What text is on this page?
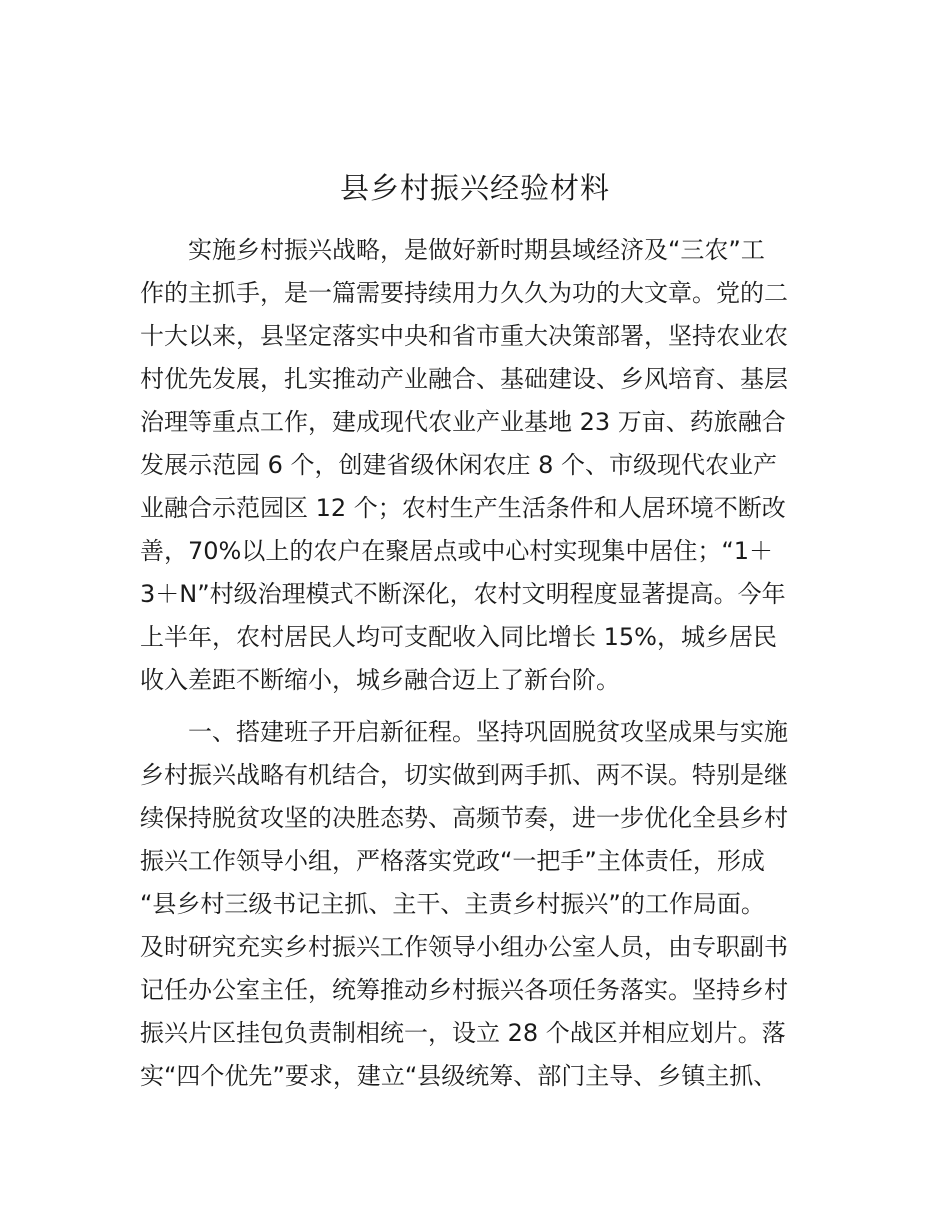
县乡村振兴经验材料

实施乡村振兴战略，是做好新时期县域经济及“三农”工

作的主抓手，是一篇需要持续用力久久为功的大文章。党的二

十大以来，县坚定落实中央和省市重大决策部署，坚持农业农

村优先发展，扎实推动产业融合、基础建设、乡风培育、基层

治理等重点工作，建成现代农业产业基地 23 万亩、药旅融合

发展示范园 6 个，创建省级休闲农庄 8 个、市级现代农业产

业融合示范园区 12 个；农村生产生活条件和人居环境不断改

善，70%以上的农户在聚居点或中心村实现集中居住；“1＋

3＋N”村级治理模式不断深化，农村文明程度显著提高。今年

上半年，农村居民人均可支配收入同比增长 15%，城乡居民

收入差距不断缩小，城乡融合迈上了新台阶。

一、搭建班子开启新征程。坚持巩固脱贫攻坚成果与实施

乡村振兴战略有机结合，切实做到两手抓、两不误。特别是继

续保持脱贫攻坚的决胜态势、高频节奏，进一步优化全县乡村

振兴工作领导小组，严格落实党政“一把手”主体责任，形成

“县乡村三级书记主抓、主干、主责乡村振兴”的工作局面。

及时研究充实乡村振兴工作领导小组办公室人员，由专职副书

记任办公室主任，统筹推动乡村振兴各项任务落实。坚持乡村

振兴片区挂包负责制相统一，设立 28 个战区并相应划片。落

实“四个优先”要求，建立“县级统筹、部门主导、乡镇主抓、
